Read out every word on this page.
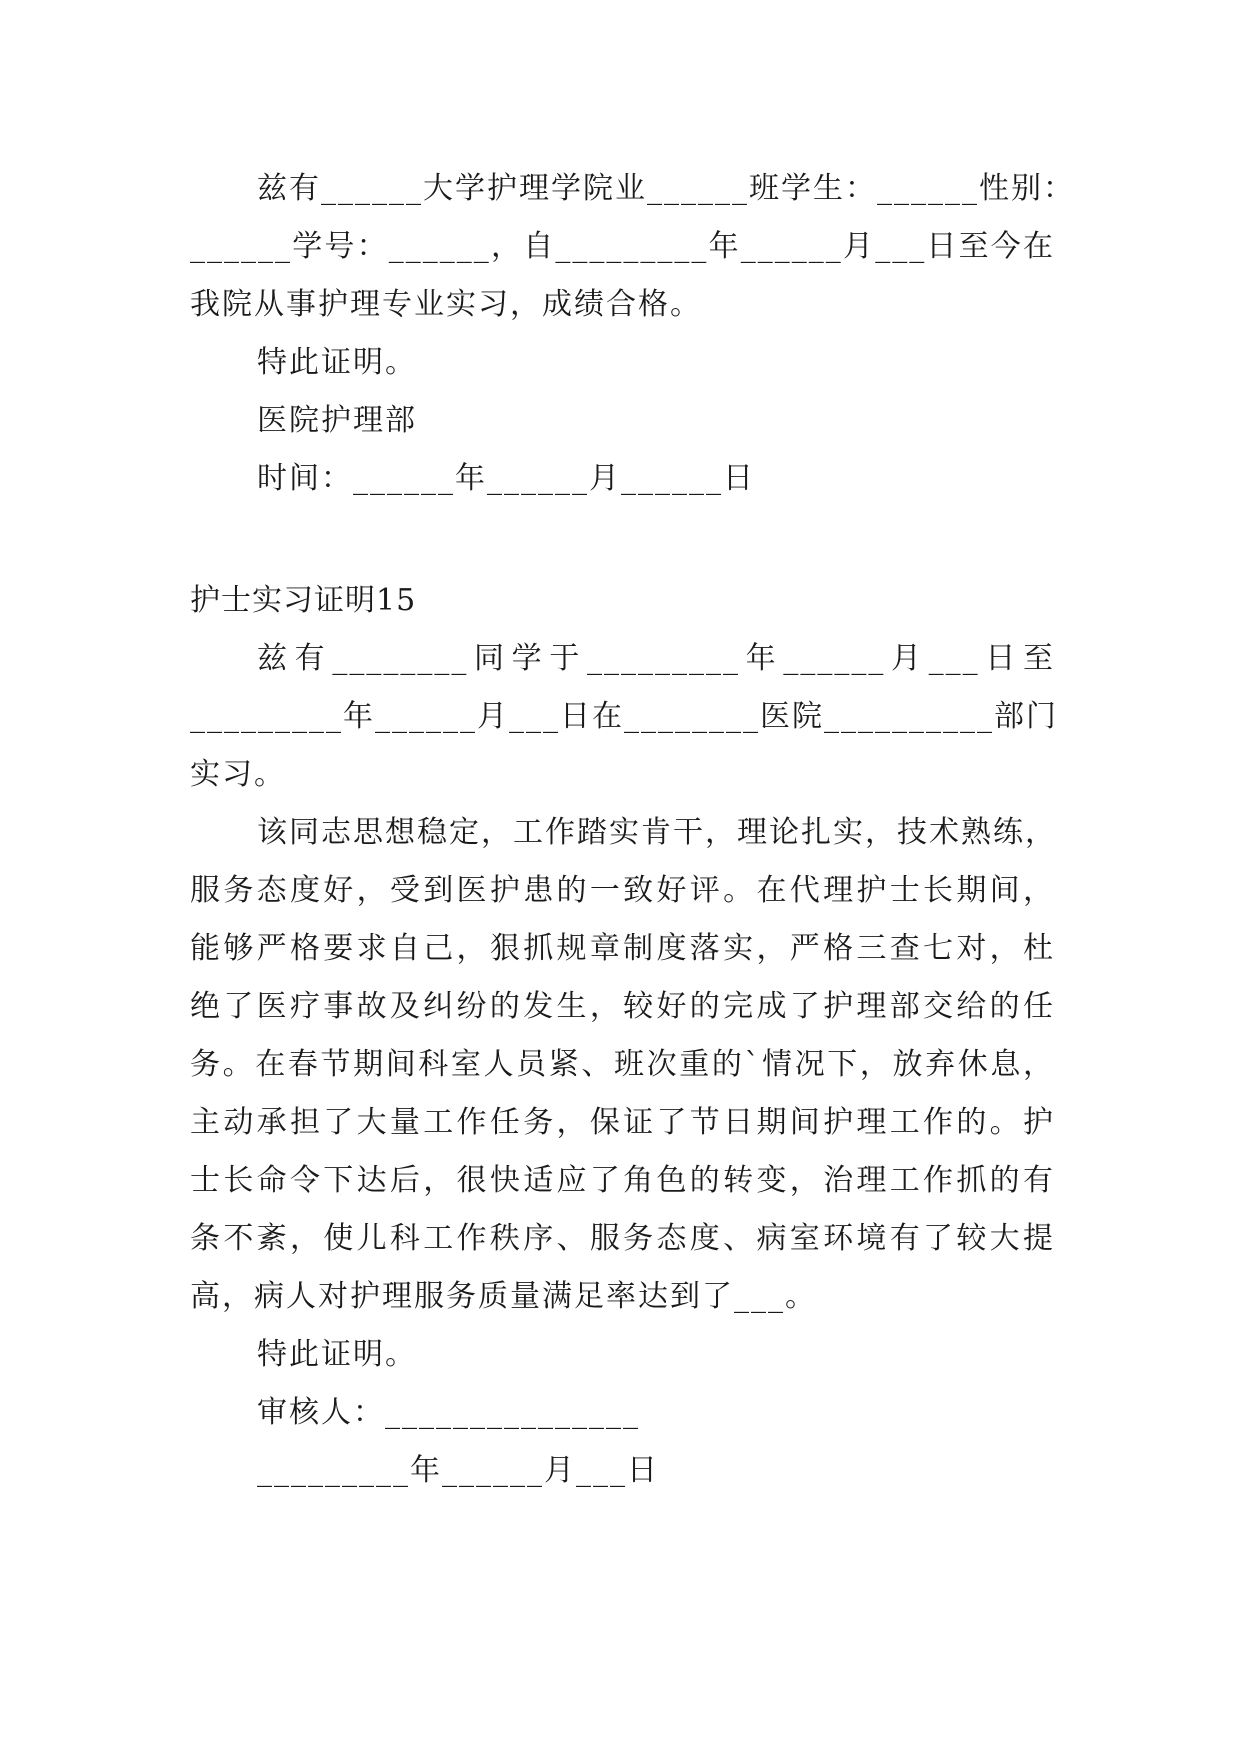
兹有______大学护理学院业______班学生：______性别：
______学号：______，自_________年______月___日至今在
我院从事护理专业实习，成绩合格。
特此证明。
医院护理部
时间：______年______月______日
护士实习证明15
兹有________同学于_________年______月___日至
_________年______月___日在________医院__________部门
实习。
该同志思想稳定，工作踏实肯干，理论扎实，技术熟练，
服务态度好，受到医护患的一致好评。在代理护士长期间，
能够严格要求自己，狠抓规章制度落实，严格三查七对，杜
绝了医疗事故及纠纷的发生，较好的完成了护理部交给的任
务。在春节期间科室人员紧、班次重的`情况下，放弃休息，
主动承担了大量工作任务，保证了节日期间护理工作的。护
士长命令下达后，很快适应了角色的转变，治理工作抓的有
条不紊，使儿科工作秩序、服务态度、病室环境有了较大提
高，病人对护理服务质量满足率达到了___。
特此证明。
审核人：_______________
_________年______月___日
